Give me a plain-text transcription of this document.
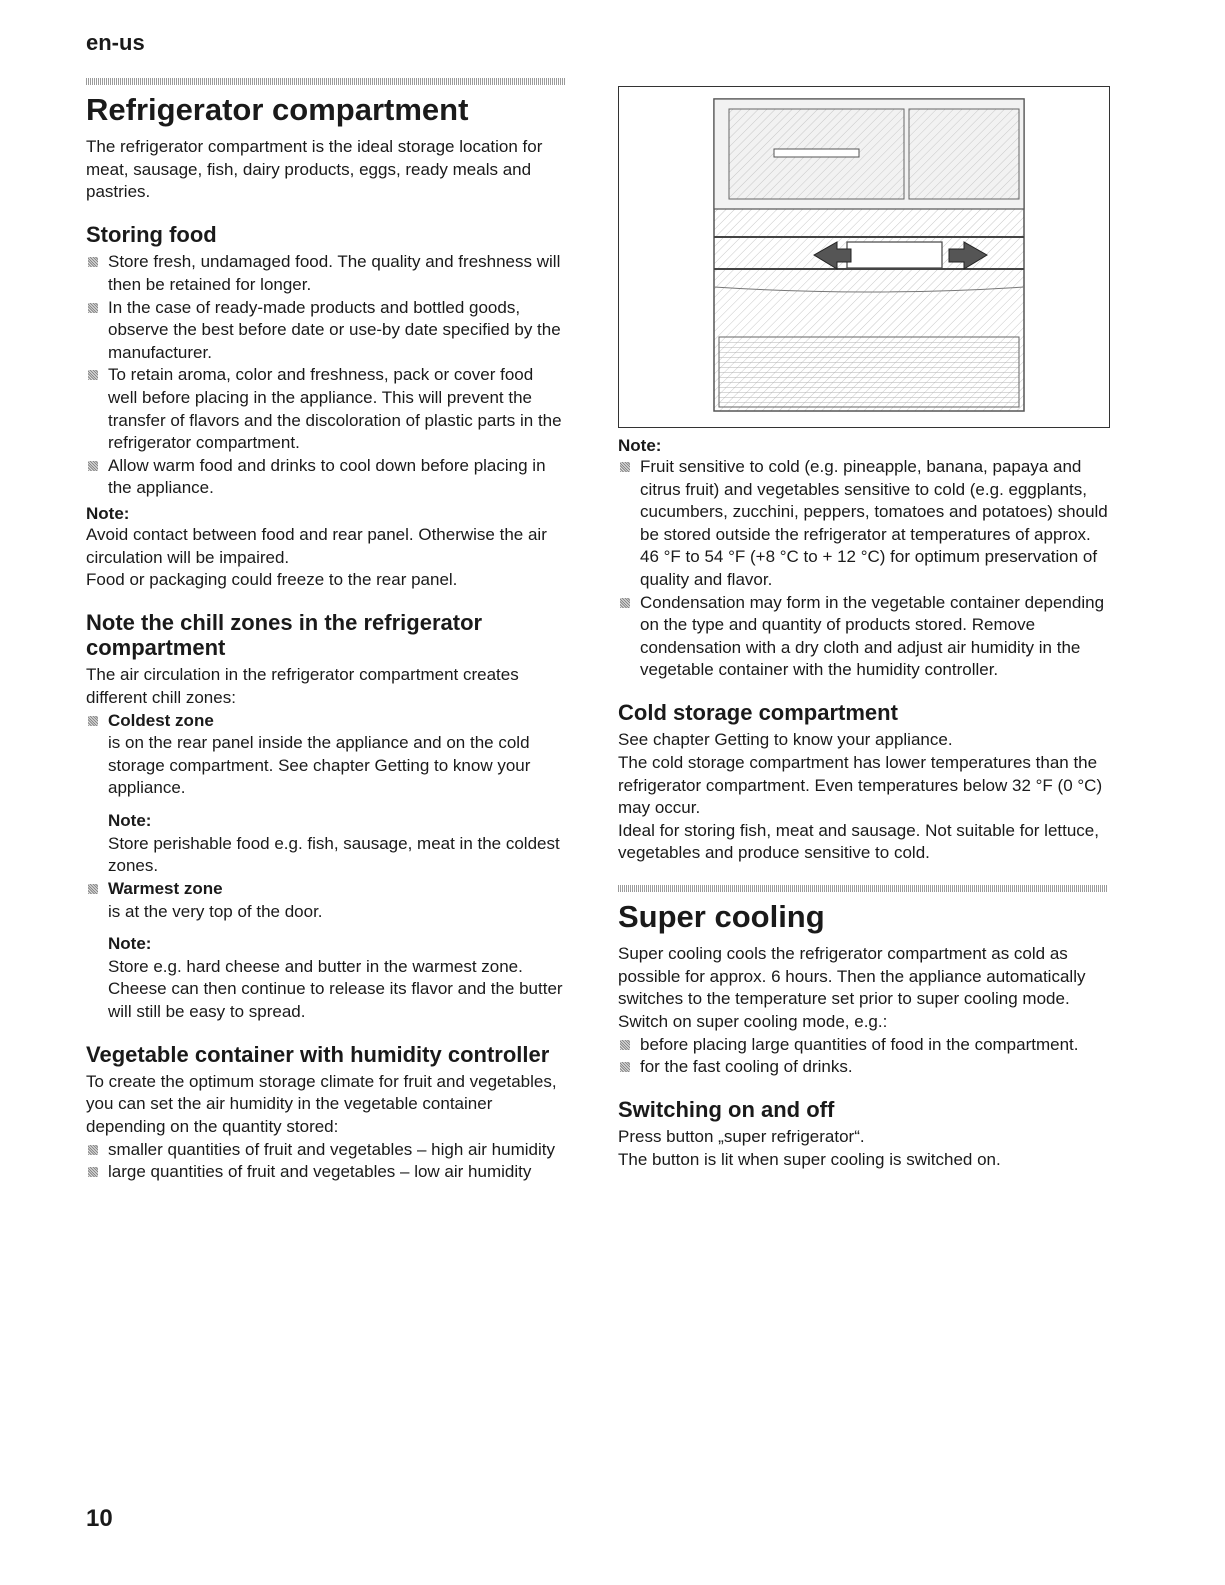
en-us
Refrigerator compartment

The refrigerator compartment is the ideal storage location for meat, sausage, fish, dairy products, eggs, ready meals and pastries.

Storing food
Store fresh, undamaged food. The quality and freshness will then be retained for longer.
In the case of ready-made products and bottled goods, observe the best before date or use-by date specified by the manufacturer.
To retain aroma, color and freshness, pack or cover food well before placing in the appliance. This will prevent the transfer of flavors and the discoloration of plastic parts in the refrigerator compartment.
Allow warm food and drinks to cool down before placing in the appliance.
Note:

Avoid contact between food and rear panel. Otherwise the air circulation will be impaired.

Food or packaging could freeze to the rear panel.

Note the chill zones in the refrigerator compartment

The air circulation in the refrigerator compartment creates different chill zones:

Coldest zone
is on the rear panel inside the appliance and on the cold storage compartment. See chapter Getting to know your appliance.
Note:
Store perishable food e.g. fish, sausage, meat in the coldest zones.
Warmest zone
is at the very top of the door.
Note:
Store e.g. hard cheese and butter in the warmest zone. Cheese can then continue to release its flavor and the butter will still be easy to spread.
Vegetable container with humidity controller

To create the optimum storage climate for fruit and vegetables, you can set the air humidity in the vegetable container depending on the quantity stored:

smaller quantities of fruit and vegetables – high air humidity
large quantities of fruit and vegetables – low air humidity
Note:
Fruit sensitive to cold (e.g. pineapple, banana, papaya and citrus fruit) and vegetables sensitive to cold (e.g. eggplants, cucumbers, zucchini, peppers, tomatoes and potatoes) should be stored outside the refrigerator at temperatures of approx. 46 °F to 54 °F (+8 °C to + 12 °C) for optimum preservation of quality and flavor.
Condensation may form in the vegetable container depending on the type and quantity of products stored. Remove condensation with a dry cloth and adjust air humidity in the vegetable container with the humidity controller.
Cold storage compartment

See chapter Getting to know your appliance.

The cold storage compartment has lower temperatures than the refrigerator compartment. Even temperatures below 32 °F (0 °C) may occur.

Ideal for storing fish, meat and sausage. Not suitable for lettuce, vegetables and produce sensitive to cold.

Super cooling

Super cooling cools the refrigerator compartment as cold as possible for approx. 6 hours. Then the appliance automatically switches to the temperature set prior to super cooling mode.

Switch on super cooling mode, e.g.:

before placing large quantities of food in the compartment.
for the fast cooling of drinks.
Switching on and off

Press button „super refrigerator“.

The button is lit when super cooling is switched on.

10
